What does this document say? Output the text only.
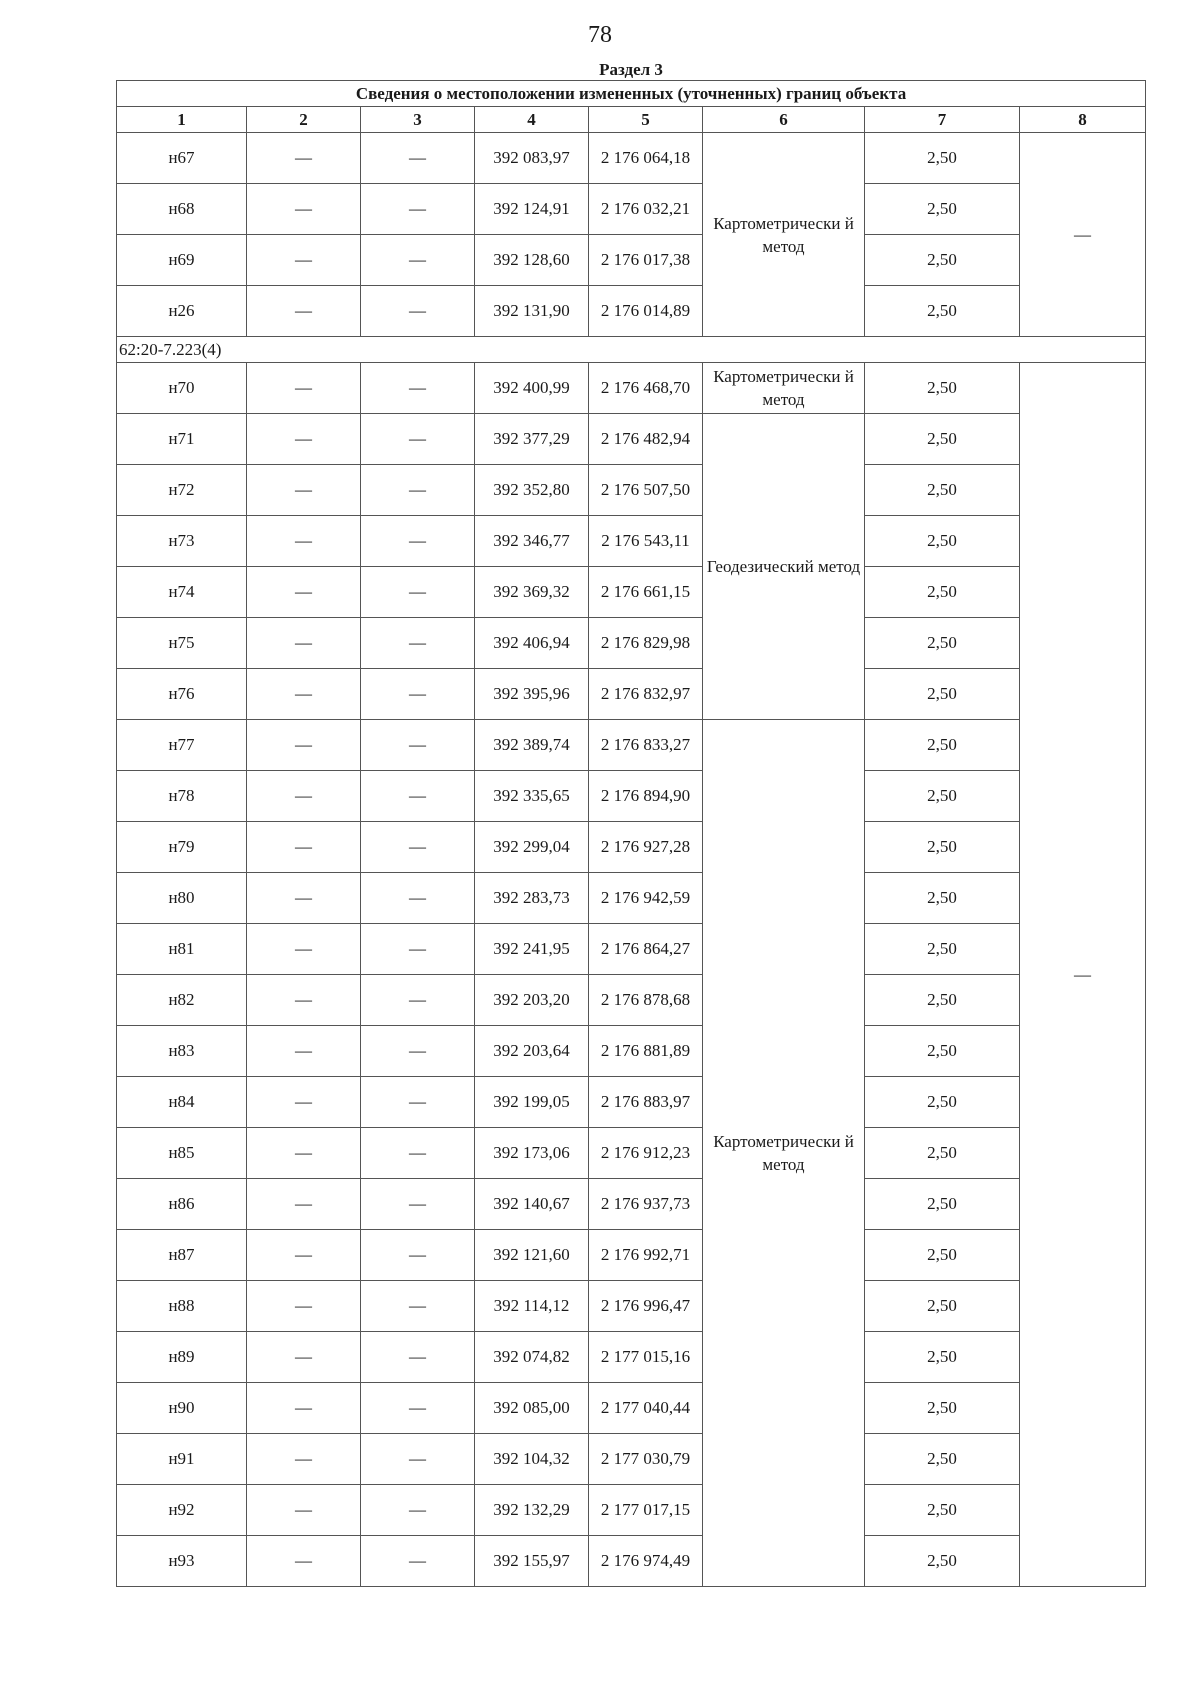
78
Раздел 3
Сведения о местоположении измененных (уточненных) границ объекта							
1	2	3	4	5	6	7	8
н67	—	—	392 083,97	2 176 064,18	Картометрически й метод	2,50	—
н68	—	—	392 124,91	2 176 032,21		2,50	
н69	—	—	392 128,60	2 176 017,38		2,50	
н26	—	—	392 131,90	2 176 014,89		2,50	
62:20-7.223(4)							
н70	—	—	392 400,99	2 176 468,70	Картометрически й метод	2,50	—
н71	—	—	392 377,29	2 176 482,94	Геодезический метод	2,50	
н72	—	—	392 352,80	2 176 507,50		2,50	
н73	—	—	392 346,77	2 176 543,11		2,50	
н74	—	—	392 369,32	2 176 661,15		2,50	
н75	—	—	392 406,94	2 176 829,98		2,50	
н76	—	—	392 395,96	2 176 832,97		2,50	
н77	—	—	392 389,74	2 176 833,27	Картометрически й метод	2,50	
н78	—	—	392 335,65	2 176 894,90		2,50	
н79	—	—	392 299,04	2 176 927,28		2,50	
н80	—	—	392 283,73	2 176 942,59		2,50	
н81	—	—	392 241,95	2 176 864,27		2,50	
н82	—	—	392 203,20	2 176 878,68		2,50	
н83	—	—	392 203,64	2 176 881,89		2,50	
н84	—	—	392 199,05	2 176 883,97		2,50	
н85	—	—	392 173,06	2 176 912,23		2,50	
н86	—	—	392 140,67	2 176 937,73		2,50	
н87	—	—	392 121,60	2 176 992,71		2,50	
н88	—	—	392 114,12	2 176 996,47		2,50	
н89	—	—	392 074,82	2 177 015,16		2,50	
н90	—	—	392 085,00	2 177 040,44		2,50	
н91	—	—	392 104,32	2 177 030,79		2,50	
н92	—	—	392 132,29	2 177 017,15		2,50	
н93	—	—	392 155,97	2 176 974,49		2,50	
